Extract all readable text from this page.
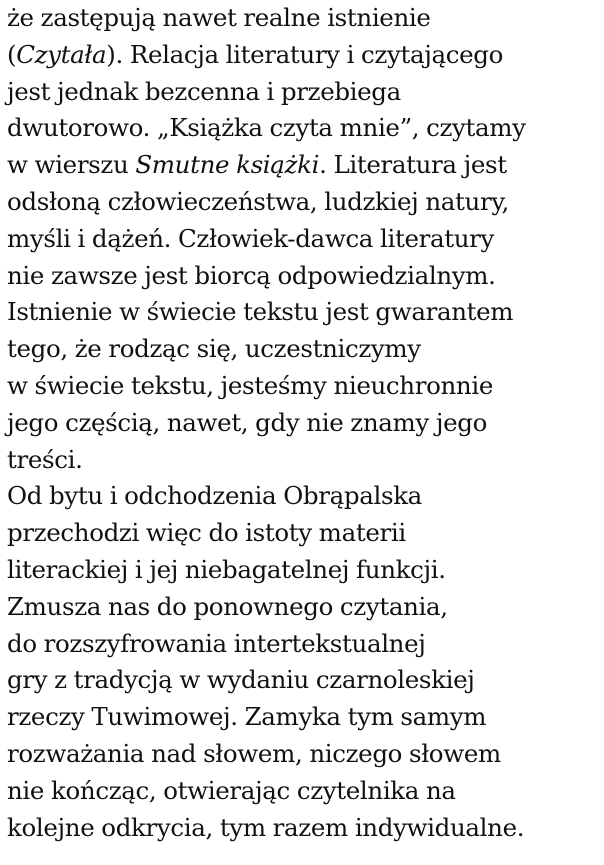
że zastępują nawet realne istnienie
(Czytała). Relacja literatury i czytającego
jest jednak bezcenna i przebiega
dwutorowo. „Książka czyta mnie”, czytamy
w wierszu Smutne książki. Literatura jest
odsłoną człowieczeństwa, ludzkiej natury,
myśli i dążeń. Człowiek-dawca literatury
nie zawsze jest biorcą odpowiedzialnym.
Istnienie w świecie tekstu jest gwarantem
tego, że rodząc się, uczestniczymy
w świecie tekstu, jesteśmy nieuchronnie
jego częścią, nawet, gdy nie znamy jego
treści.
Od bytu i odchodzenia Obrąpalska
przechodzi więc do istoty materii
literackiej i jej niebagatelnej funkcji.
Zmusza nas do ponownego czytania,
do rozszyfrowania intertekstualnej
gry z tradycją w wydaniu czarnoleskiej
rzeczy Tuwimowej. Zamyka tym samym
rozważania nad słowem, niczego słowem
nie kończąc, otwierając czytelnika na
kolejne odkrycia, tym razem indywidualne.
